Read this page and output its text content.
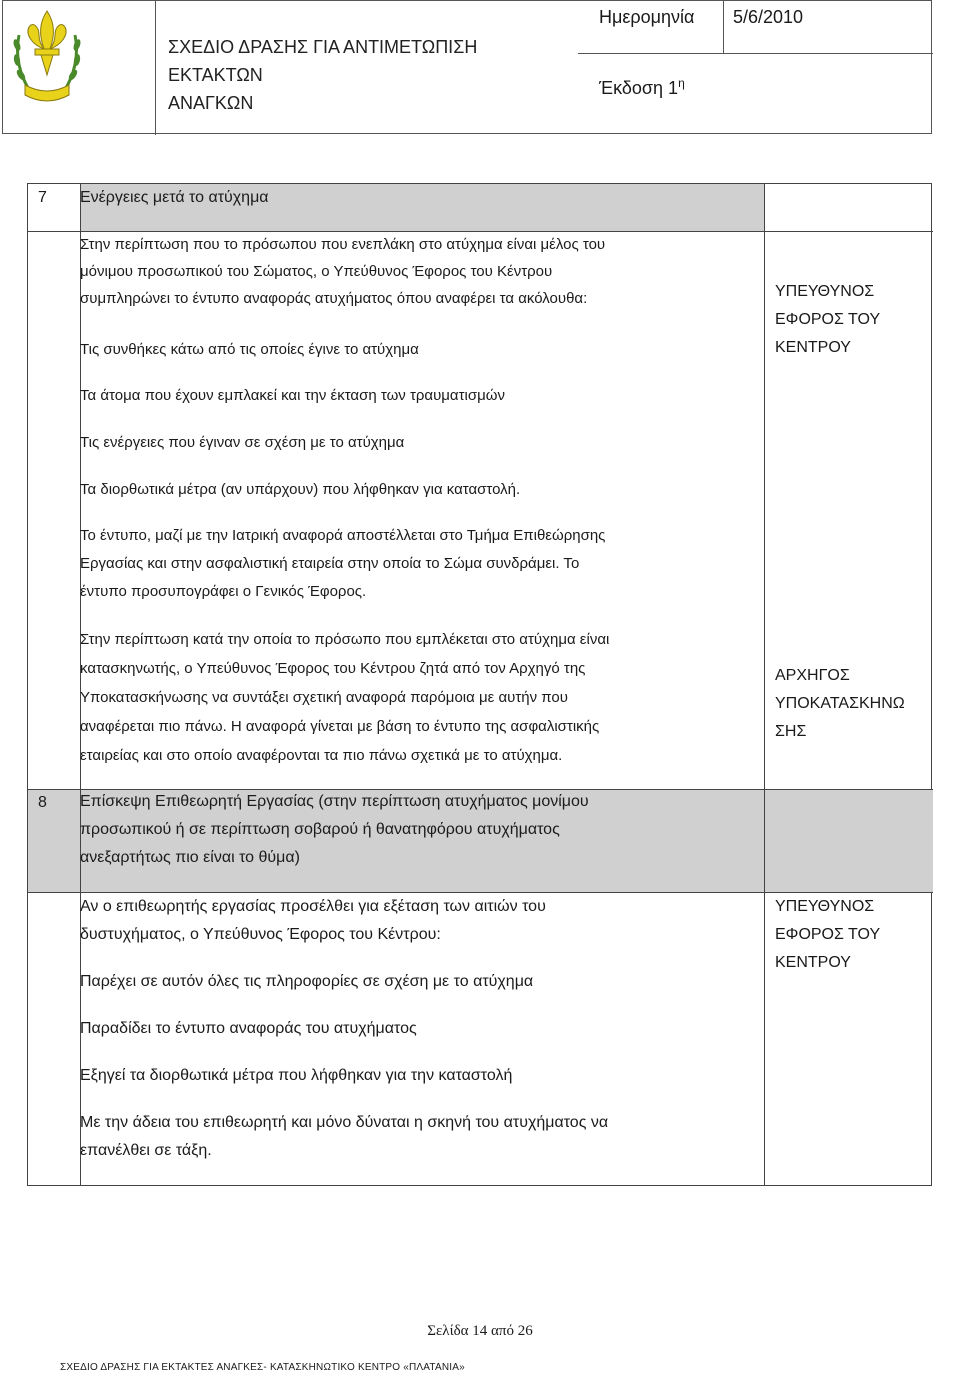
ΣΧΕΔΙΟ ΔΡΑΣΗΣ ΓΙΑ ΑΝΤΙΜΕΤΩΠΙΣΗ ΕΚΤΑΚΤΩΝ
ΑΝΑΓΚΩΝ
Ημερομηνία 5/6/2010
Έκδοση $1^\eta$
7 Ενέργειες μετά το ατύχημα
Στην περίπτωση που το πρόσωπου που ενεπλάκη στο ατύχημα είναι μέλος του
μόνιμου προσωπικού του Σώματος, ο Υπεύθυνος Έφορος του Κέντρου
συμπληρώνει το έντυπο αναφοράς ατυχήματος όπου αναφέρει τα ακόλουθα:
Τις συνθήκες κάτω από τις οποίες έγινε το ατύχημα
Τα άτομα που έχουν εμπλακεί και την έκταση των τραυματισμών
Τις ενέργειες που έγιναν σε σχέση με το ατύχημα
Τα διορθωτικά μέτρα (αν υπάρχουν) που λήφθηκαν για καταστολή.
Το έντυπο, μαζί με την Ιατρική αναφορά αποστέλλεται στο Τμήμα Επιθεώρησης
Εργασίας και στην ασφαλιστική εταιρεία στην οποία το Σώμα συνδράμει. Το
έντυπο προσυπογράφει ο Γενικός Έφορος.
Στην περίπτωση κατά την οποία το πρόσωπο που εμπλέκεται στο ατύχημα είναι
κατασκηνωτής, ο Υπεύθυνος Έφορος του Κέντρου ζητά από τον Αρχηγό της
Υποκατασκήνωσης να συντάξει σχετική αναφορά παρόμοια με αυτήν που
αναφέρεται πιο πάνω. Η αναφορά γίνεται με βάση το έντυπο της ασφαλιστικής
εταιρείας και στο οποίο αναφέρονται τα πιο πάνω σχετικά με το ατύχημα.
ΥΠΕΥΘΥΝΟΣ
ΕΦΟΡΟΣ ΤΟΥ
ΚΕΝΤΡΟΥ
ΑΡΧΗΓΟΣ
ΥΠΟΚΑΤΑΣΚΗΝΩ
ΣΗΣ
8 Επίσκεψη Επιθεωρητή Εργασίας (στην περίπτωση ατυχήματος μονίμου
προσωπικού ή σε περίπτωση σοβαρού ή θανατηφόρου ατυχήματος
ανεξαρτήτως πιο είναι το θύμα)
Αν ο επιθεωρητής εργασίας προσέλθει για εξέταση των αιτιών του
δυστυχήματος, ο Υπεύθυνος Έφορος του Κέντρου:
Παρέχει σε αυτόν όλες τις πληροφορίες σε σχέση με το ατύχημα
Παραδίδει το έντυπο αναφοράς του ατυχήματος
Εξηγεί τα διορθωτικά μέτρα που λήφθηκαν για την καταστολή
Με την άδεια του επιθεωρητή και μόνο δύναται η σκηνή του ατυχήματος να
επανέλθει σε τάξη.
ΥΠΕΥΘΥΝΟΣ
ΕΦΟΡΟΣ ΤΟΥ
ΚΕΝΤΡΟΥ
Σελίδα 14 από 26
ΣΧΕΔΙΟ ΔΡΑΣΗΣ ΓΙΑ ΕΚΤΑΚΤΕΣ ΑΝΑΓΚΕΣ- ΚΑΤΑΣΚΗΝΩΤΙΚΟ ΚΕΝΤΡΟ «ΠΛΑΤΑΝΙΑ»
